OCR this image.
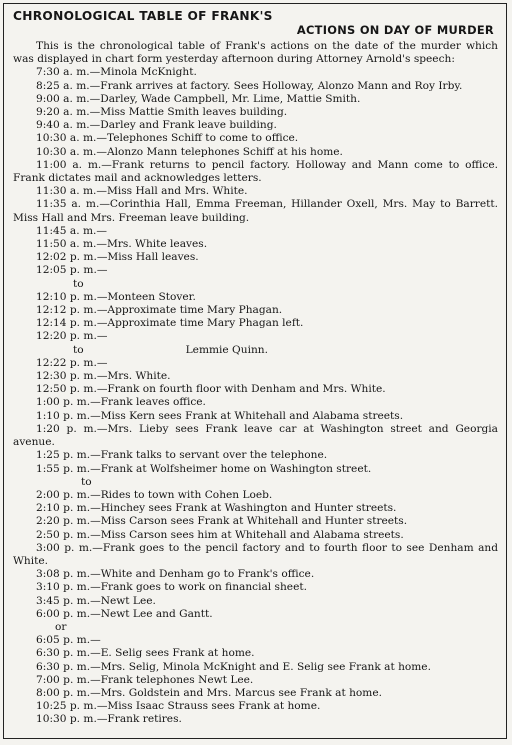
CHRONOLOGICAL TABLE OF FRANK'S
ACTIONS ON DAY OF MURDER

This is the chronological table of Frank's actions on the date of the murder which was displayed in chart form yesterday afternoon during Attorney Arnold's speech:

7:30 a. m.—Minola McKnight.

8:25 a. m.—Frank arrives at factory. Sees Holloway, Alonzo Mann and Roy Irby.

9:00 a. m.—Darley, Wade Campbell, Mr. Lime, Mattie Smith.

9:20 a. m.—Miss Mattie Smith leaves building.

9:40 a. m.—Darley and Frank leave building.

10:30 a. m.—Telephones Schiff to come to office.

10:30 a. m.—Alonzo Mann telephones Schiff at his home.

11:00 a. m.—Frank returns to pencil factory. Holloway and Mann come to office. Frank dictates mail and acknowledges letters.

11:30 a. m.—Miss Hall and Mrs. White.

11:35 a. m.—Corinthia Hall, Emma Freeman, Hillander Oxell, Mrs. May to Barrett. Miss Hall and Mrs. Freeman leave building.

11:45 a. m.—

11:50 a. m.—Mrs. White leaves.

12:02 p. m.—Miss Hall leaves.

12:05 p. m.—

to

12:10 p. m.—Monteen Stover.

12:12 p. m.—Approximate time Mary Phagan.

12:14 p. m.—Approximate time Mary Phagan left.

12:20 p. m.—

to	Lemmie Quinn.

12:22 p. m.—

12:30 p. m.—Mrs. White.

12:50 p. m.—Frank on fourth floor with Denham and Mrs. White.

1:00 p. m.—Frank leaves office.

1:10 p. m.—Miss Kern sees Frank at Whitehall and Alabama streets.

1:20 p. m.—Mrs. Lieby sees Frank leave car at Washington street and Georgia avenue.

1:25 p. m.—Frank talks to servant over the telephone.

1:55 p. m.—Frank at Wolfsheimer home on Washington street.

to

2:00 p. m.—Rides to town with Cohen Loeb.

2:10 p. m.—Hinchey sees Frank at Washington and Hunter streets.

2:20 p. m.—Miss Carson sees Frank at Whitehall and Hunter streets.

2:50 p. m.—Miss Carson sees him at Whitehall and Alabama streets.

3:00 p. m.—Frank goes to the pencil factory and to fourth floor to see Denham and White.

3:08 p. m.—White and Denham go to Frank's office.

3:10 p. m.—Frank goes to work on financial sheet.

3:45 p. m.—Newt Lee.

6:00 p. m.—Newt Lee and Gantt.

or

6:05 p. m.—

6:30 p. m.—E. Selig sees Frank at home.

6:30 p. m.—Mrs. Selig, Minola McKnight and E. Selig see Frank at home.

7:00 p. m.—Frank telephones Newt Lee.

8:00 p. m.—Mrs. Goldstein and Mrs. Marcus see Frank at home.

10:25 p. m.—Miss Isaac Strauss sees Frank at home.

10:30 p. m.—Frank retires.
